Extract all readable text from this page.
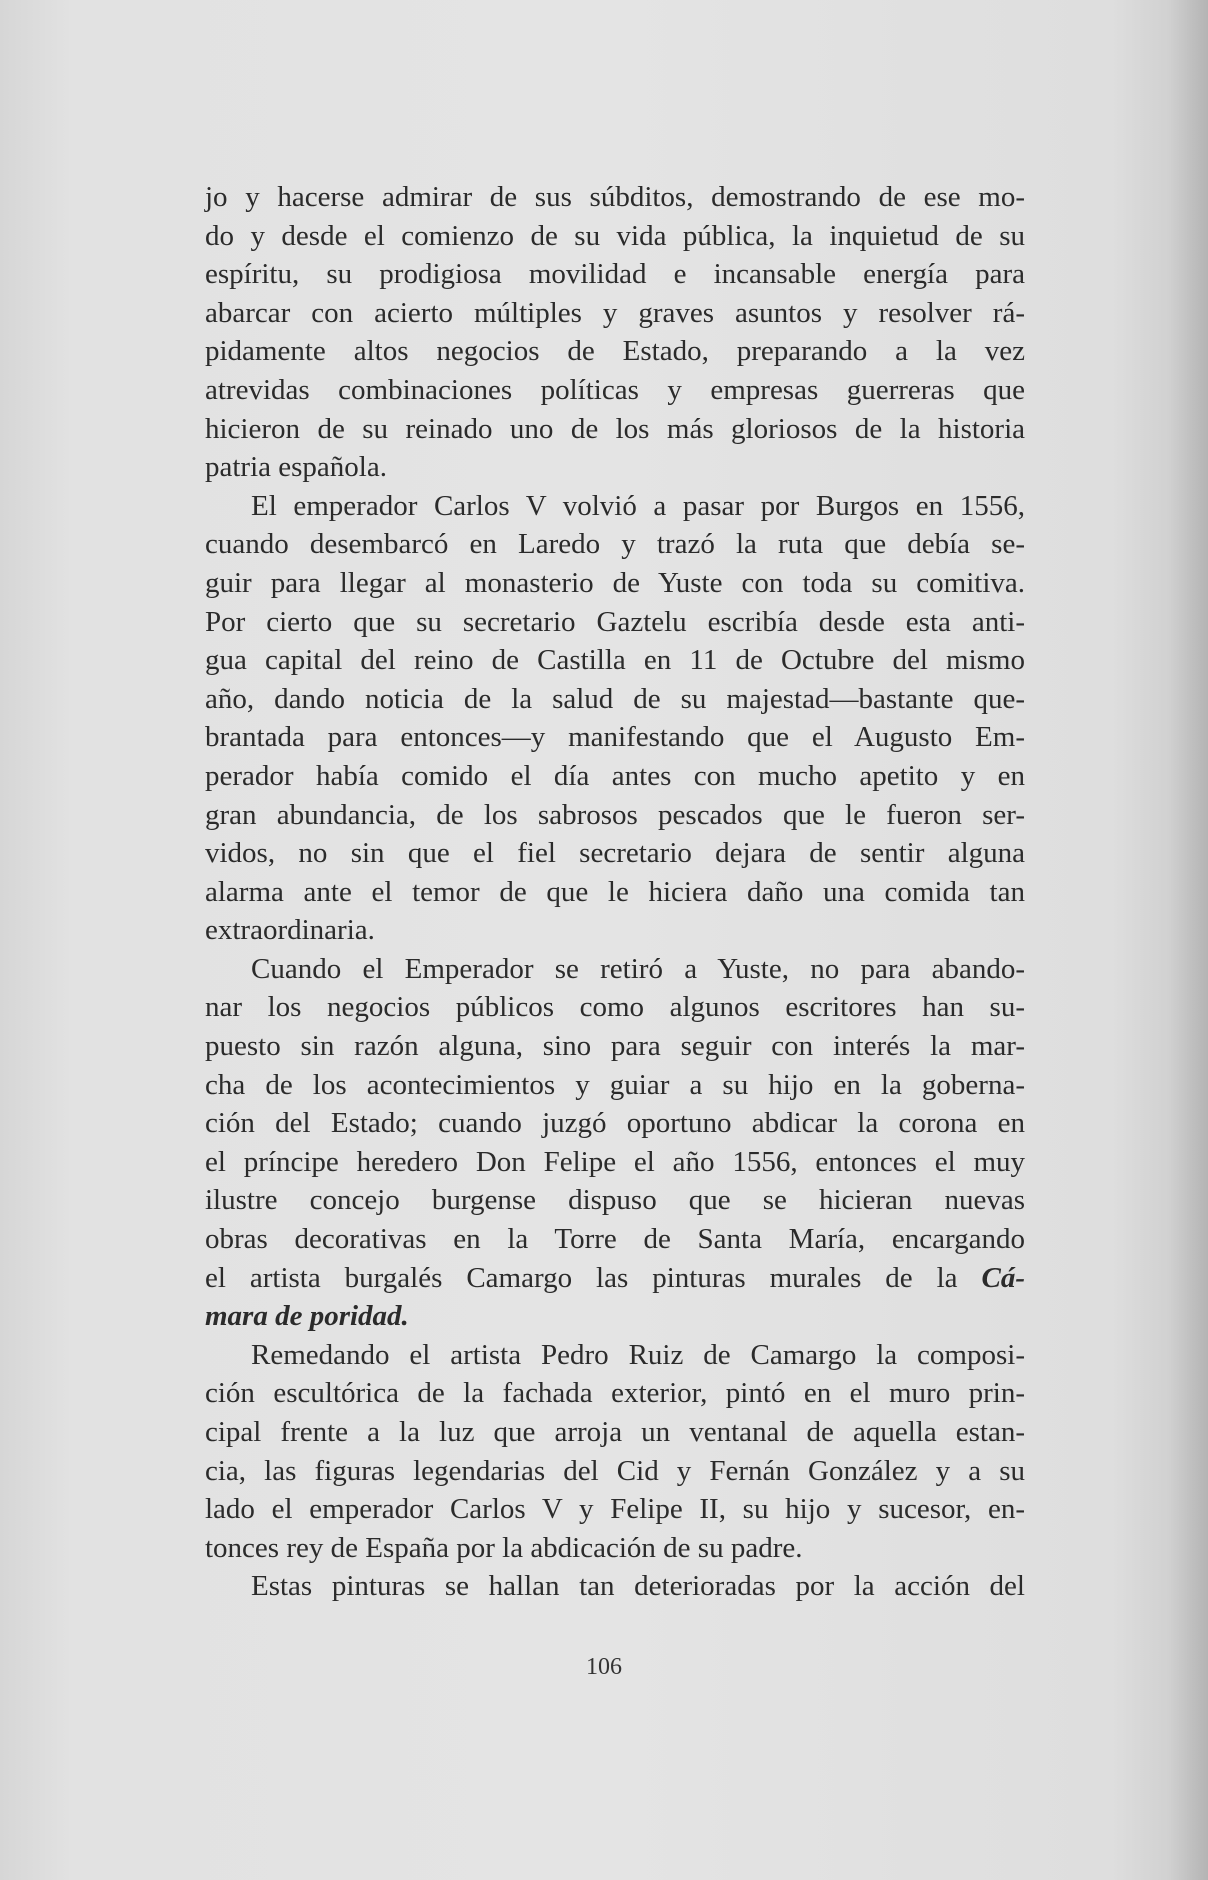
jo y hacerse admirar de sus súbditos, demostrando de ese mo-
do y desde el comienzo de su vida pública, la inquietud de su
espíritu, su prodigiosa movilidad e incansable energía para
abarcar con acierto múltiples y graves asuntos y resolver rá-
pidamente altos negocios de Estado, preparando a la vez
atrevidas combinaciones políticas y empresas guerreras que
hicieron de su reinado uno de los más gloriosos de la historia
patria española.
El emperador Carlos V volvió a pasar por Burgos en 1556,
cuando desembarcó en Laredo y trazó la ruta que debía se-
guir para llegar al monasterio de Yuste con toda su comitiva.
Por cierto que su secretario Gaztelu escribía desde esta anti-
gua capital del reino de Castilla en 11 de Octubre del mismo
año, dando noticia de la salud de su majestad—bastante que-
brantada para entonces—y manifestando que el Augusto Em-
perador había comido el día antes con mucho apetito y en
gran abundancia, de los sabrosos pescados que le fueron ser-
vidos, no sin que el fiel secretario dejara de sentir alguna
alarma ante el temor de que le hiciera daño una comida tan
extraordinaria.
Cuando el Emperador se retiró a Yuste, no para abando-
nar los negocios públicos como algunos escritores han su-
puesto sin razón alguna, sino para seguir con interés la mar-
cha de los acontecimientos y guiar a su hijo en la goberna-
ción del Estado; cuando juzgó oportuno abdicar la corona en
el príncipe heredero Don Felipe el año 1556, entonces el muy
ilustre concejo burgense dispuso que se hicieran nuevas
obras decorativas en la Torre de Santa María, encargando
el artista burgalés Camargo las pinturas murales de la Cá-
mara de poridad.
Remedando el artista Pedro Ruiz de Camargo la composi-
ción escultórica de la fachada exterior, pintó en el muro prin-
cipal frente a la luz que arroja un ventanal de aquella estan-
cia, las figuras legendarias del Cid y Fernán González y a su
lado el emperador Carlos V y Felipe II, su hijo y sucesor, en-
tonces rey de España por la abdicación de su padre.
Estas pinturas se hallan tan deterioradas por la acción del
106
